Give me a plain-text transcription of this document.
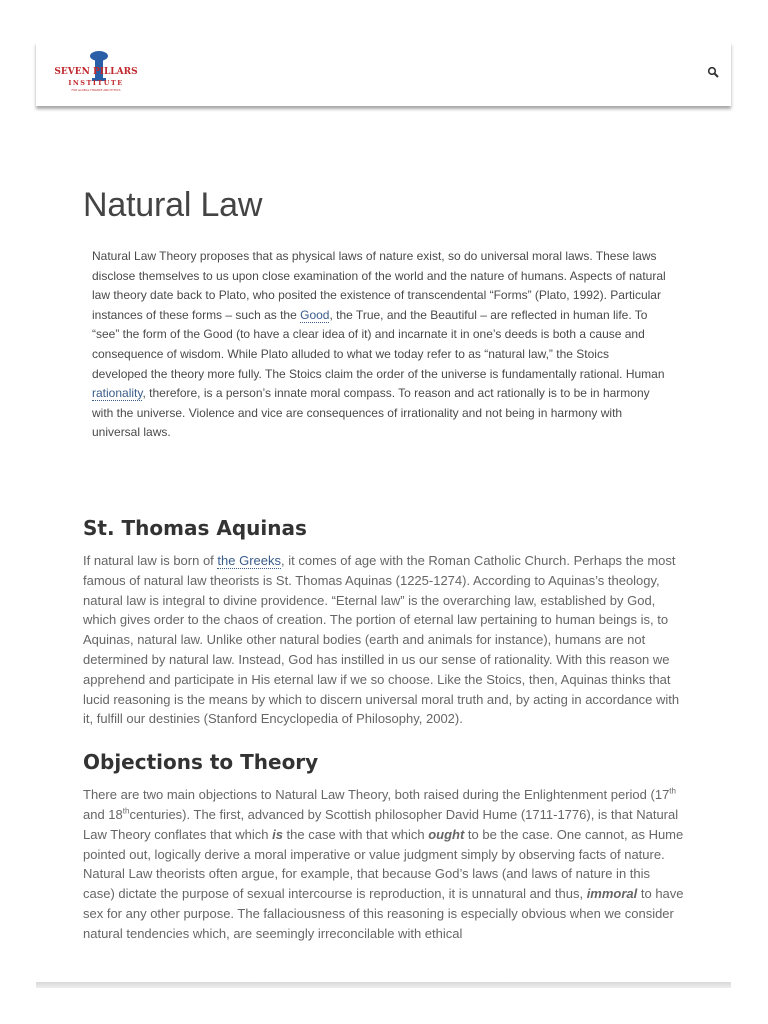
SEVEN PILLARS
INSTITUTE
FOR GLOBAL FINANCE AND ETHICS
Natural Law

Natural Law Theory proposes that as physical laws of nature exist, so do universal moral laws. These laws disclose themselves to us upon close examination of the world and the nature of humans. Aspects of natural law theory date back to Plato, who posited the existence of transcendental “Forms” (Plato, 1992). Particular instances of these forms – such as the Good, the True, and the Beautiful – are reflected in human life. To “see” the form of the Good (to have a clear idea of it) and incarnate it in one’s deeds is both a cause and consequence of wisdom. While Plato alluded to what we today refer to as “natural law,” the Stoics developed the theory more fully. The Stoics claim the order of the universe is fundamentally rational. Human rationality, therefore, is a person’s innate moral compass. To reason and act rationally is to be in harmony with the universe. Violence and vice are consequences of irrationality and not being in harmony with universal laws.

St. Thomas Aquinas

If natural law is born of the Greeks, it comes of age with the Roman Catholic Church. Perhaps the most famous of natural law theorists is St. Thomas Aquinas (1225-1274). According to Aquinas’s theology, natural law is integral to divine providence. “Eternal law” is the overarching law, established by God, which gives order to the chaos of creation. The portion of eternal law pertaining to human beings is, to Aquinas, natural law. Unlike other natural bodies (earth and animals for instance), humans are not determined by natural law. Instead, God has instilled in us our sense of rationality. With this reason we apprehend and participate in His eternal law if we so choose. Like the Stoics, then, Aquinas thinks that lucid reasoning is the means by which to discern universal moral truth and, by acting in accordance with it, fulfill our destinies (Stanford Encyclopedia of Philosophy, 2002).

Objections to Theory

There are two main objections to Natural Law Theory, both raised during the Enlightenment period (17th and 18thcenturies). The first, advanced by Scottish philosopher David Hume (1711-1776), is that Natural Law Theory conflates that which is the case with that which ought to be the case. One cannot, as Hume pointed out, logically derive a moral imperative or value judgment simply by observing facts of nature. Natural Law theorists often argue, for example, that because God’s laws (and laws of nature in this case) dictate the purpose of sexual intercourse is reproduction, it is unnatural and thus, immoral to have sex for any other purpose. The fallaciousness of this reasoning is especially obvious when we consider natural tendencies which, are seemingly irreconcilable with ethical
